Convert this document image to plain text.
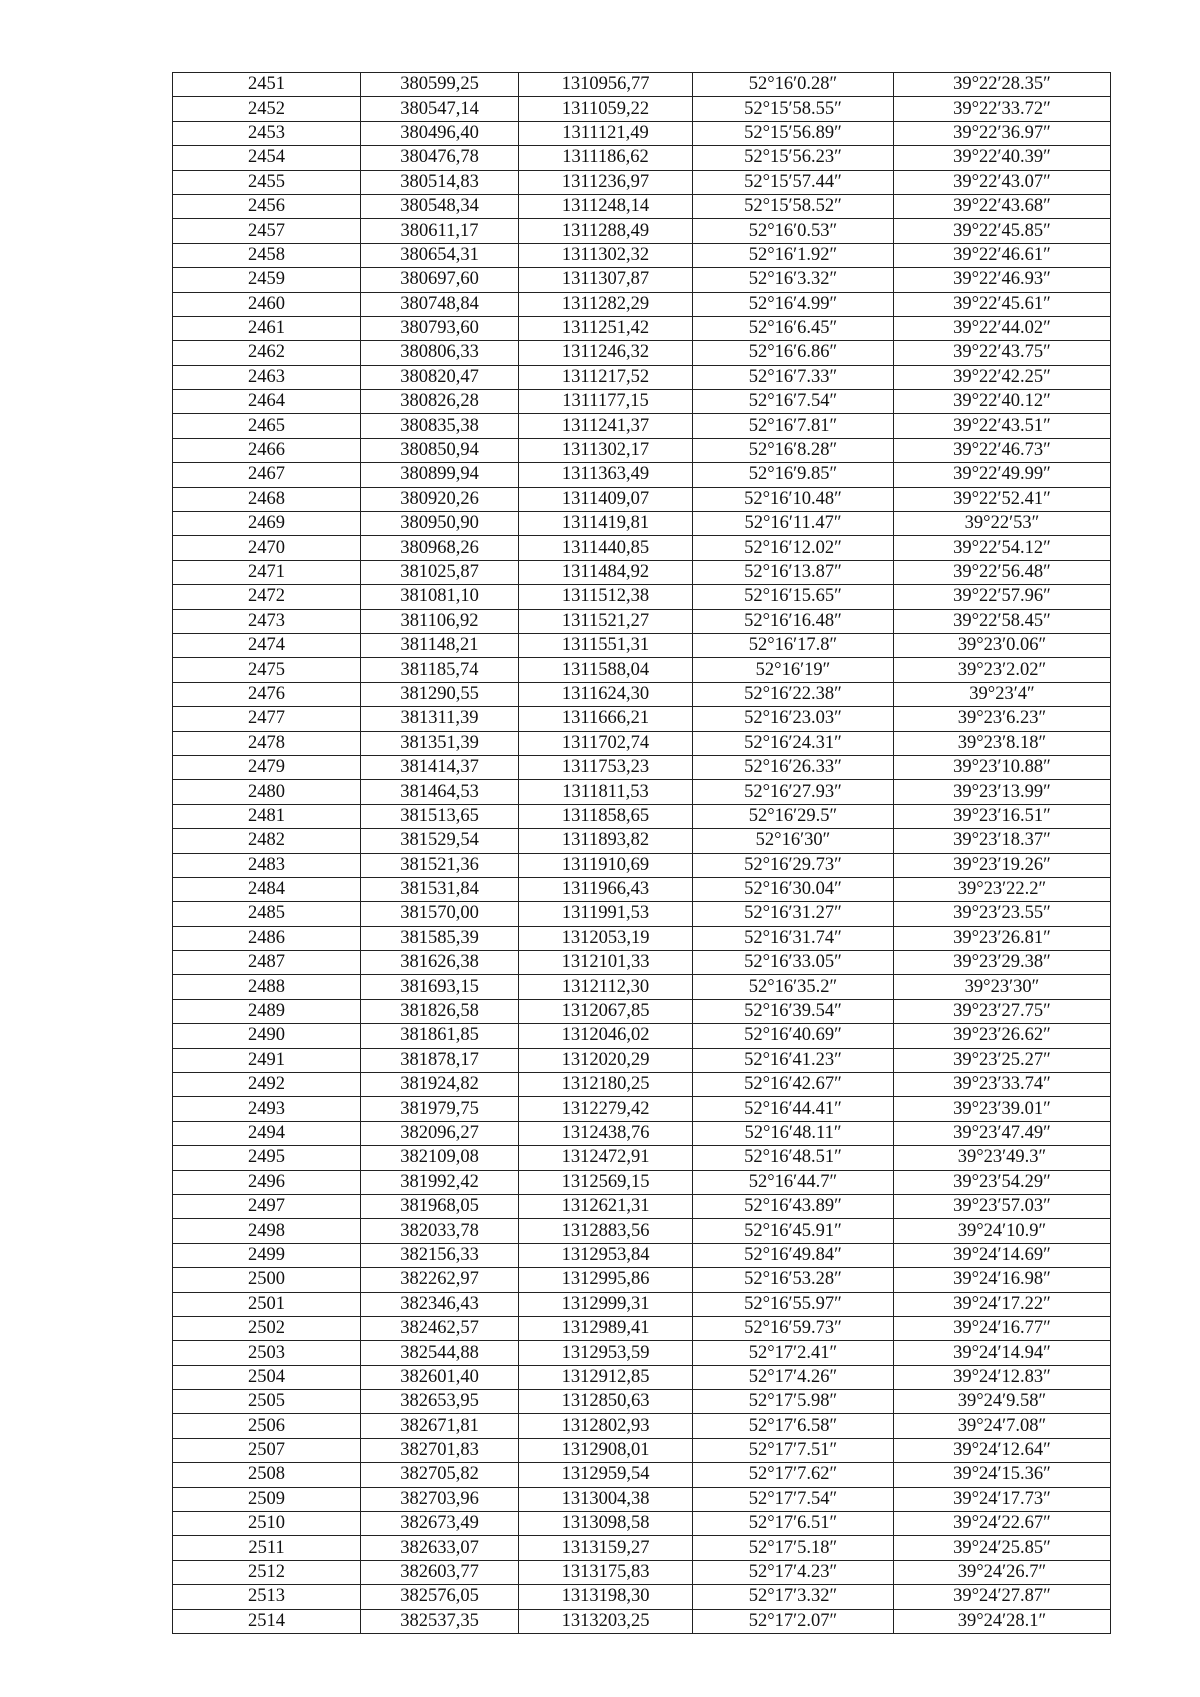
2451	380599,25	1310956,77	52°16′0.28″	39°22′28.35″
2452	380547,14	1311059,22	52°15′58.55″	39°22′33.72″
2453	380496,40	1311121,49	52°15′56.89″	39°22′36.97″
2454	380476,78	1311186,62	52°15′56.23″	39°22′40.39″
2455	380514,83	1311236,97	52°15′57.44″	39°22′43.07″
2456	380548,34	1311248,14	52°15′58.52″	39°22′43.68″
2457	380611,17	1311288,49	52°16′0.53″	39°22′45.85″
2458	380654,31	1311302,32	52°16′1.92″	39°22′46.61″
2459	380697,60	1311307,87	52°16′3.32″	39°22′46.93″
2460	380748,84	1311282,29	52°16′4.99″	39°22′45.61″
2461	380793,60	1311251,42	52°16′6.45″	39°22′44.02″
2462	380806,33	1311246,32	52°16′6.86″	39°22′43.75″
2463	380820,47	1311217,52	52°16′7.33″	39°22′42.25″
2464	380826,28	1311177,15	52°16′7.54″	39°22′40.12″
2465	380835,38	1311241,37	52°16′7.81″	39°22′43.51″
2466	380850,94	1311302,17	52°16′8.28″	39°22′46.73″
2467	380899,94	1311363,49	52°16′9.85″	39°22′49.99″
2468	380920,26	1311409,07	52°16′10.48″	39°22′52.41″
2469	380950,90	1311419,81	52°16′11.47″	39°22′53″
2470	380968,26	1311440,85	52°16′12.02″	39°22′54.12″
2471	381025,87	1311484,92	52°16′13.87″	39°22′56.48″
2472	381081,10	1311512,38	52°16′15.65″	39°22′57.96″
2473	381106,92	1311521,27	52°16′16.48″	39°22′58.45″
2474	381148,21	1311551,31	52°16′17.8″	39°23′0.06″
2475	381185,74	1311588,04	52°16′19″	39°23′2.02″
2476	381290,55	1311624,30	52°16′22.38″	39°23′4″
2477	381311,39	1311666,21	52°16′23.03″	39°23′6.23″
2478	381351,39	1311702,74	52°16′24.31″	39°23′8.18″
2479	381414,37	1311753,23	52°16′26.33″	39°23′10.88″
2480	381464,53	1311811,53	52°16′27.93″	39°23′13.99″
2481	381513,65	1311858,65	52°16′29.5″	39°23′16.51″
2482	381529,54	1311893,82	52°16′30″	39°23′18.37″
2483	381521,36	1311910,69	52°16′29.73″	39°23′19.26″
2484	381531,84	1311966,43	52°16′30.04″	39°23′22.2″
2485	381570,00	1311991,53	52°16′31.27″	39°23′23.55″
2486	381585,39	1312053,19	52°16′31.74″	39°23′26.81″
2487	381626,38	1312101,33	52°16′33.05″	39°23′29.38″
2488	381693,15	1312112,30	52°16′35.2″	39°23′30″
2489	381826,58	1312067,85	52°16′39.54″	39°23′27.75″
2490	381861,85	1312046,02	52°16′40.69″	39°23′26.62″
2491	381878,17	1312020,29	52°16′41.23″	39°23′25.27″
2492	381924,82	1312180,25	52°16′42.67″	39°23′33.74″
2493	381979,75	1312279,42	52°16′44.41″	39°23′39.01″
2494	382096,27	1312438,76	52°16′48.11″	39°23′47.49″
2495	382109,08	1312472,91	52°16′48.51″	39°23′49.3″
2496	381992,42	1312569,15	52°16′44.7″	39°23′54.29″
2497	381968,05	1312621,31	52°16′43.89″	39°23′57.03″
2498	382033,78	1312883,56	52°16′45.91″	39°24′10.9″
2499	382156,33	1312953,84	52°16′49.84″	39°24′14.69″
2500	382262,97	1312995,86	52°16′53.28″	39°24′16.98″
2501	382346,43	1312999,31	52°16′55.97″	39°24′17.22″
2502	382462,57	1312989,41	52°16′59.73″	39°24′16.77″
2503	382544,88	1312953,59	52°17′2.41″	39°24′14.94″
2504	382601,40	1312912,85	52°17′4.26″	39°24′12.83″
2505	382653,95	1312850,63	52°17′5.98″	39°24′9.58″
2506	382671,81	1312802,93	52°17′6.58″	39°24′7.08″
2507	382701,83	1312908,01	52°17′7.51″	39°24′12.64″
2508	382705,82	1312959,54	52°17′7.62″	39°24′15.36″
2509	382703,96	1313004,38	52°17′7.54″	39°24′17.73″
2510	382673,49	1313098,58	52°17′6.51″	39°24′22.67″
2511	382633,07	1313159,27	52°17′5.18″	39°24′25.85″
2512	382603,77	1313175,83	52°17′4.23″	39°24′26.7″
2513	382576,05	1313198,30	52°17′3.32″	39°24′27.87″
2514	382537,35	1313203,25	52°17′2.07″	39°24′28.1″
